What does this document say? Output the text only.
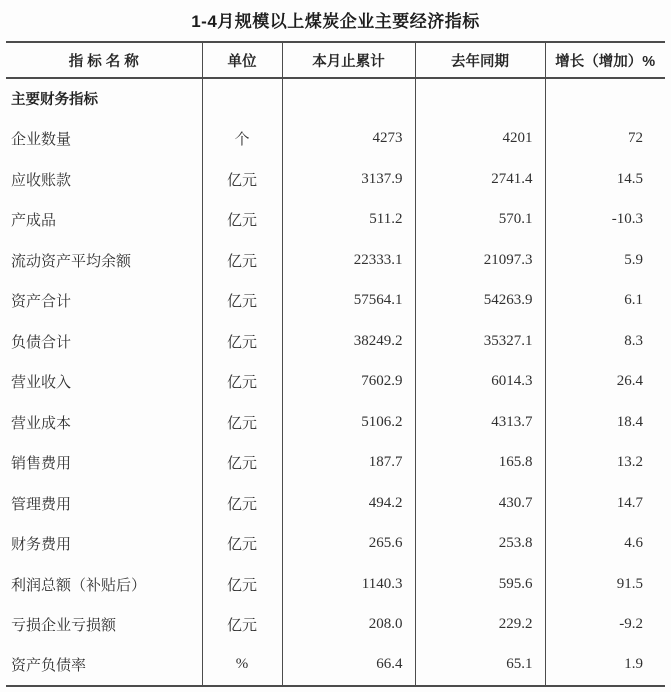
1-4月规模以上煤炭企业主要经济指标
指 标 名 称	单位	本月止累计	去年同期	增长（增加）%
主要财务指标				
企业数量	个	4273	4201	72
应收账款	亿元	3137.9	2741.4	14.5
产成品	亿元	511.2	570.1	-10.3
流动资产平均余额	亿元	22333.1	21097.3	5.9
资产合计	亿元	57564.1	54263.9	6.1
负债合计	亿元	38249.2	35327.1	8.3
营业收入	亿元	7602.9	6014.3	26.4
营业成本	亿元	5106.2	4313.7	18.4
销售费用	亿元	187.7	165.8	13.2
管理费用	亿元	494.2	430.7	14.7
财务费用	亿元	265.6	253.8	4.6
利润总额（补贴后）	亿元	1140.3	595.6	91.5
亏损企业亏损额	亿元	208.0	229.2	-9.2
资产负债率	%	66.4	65.1	1.9
